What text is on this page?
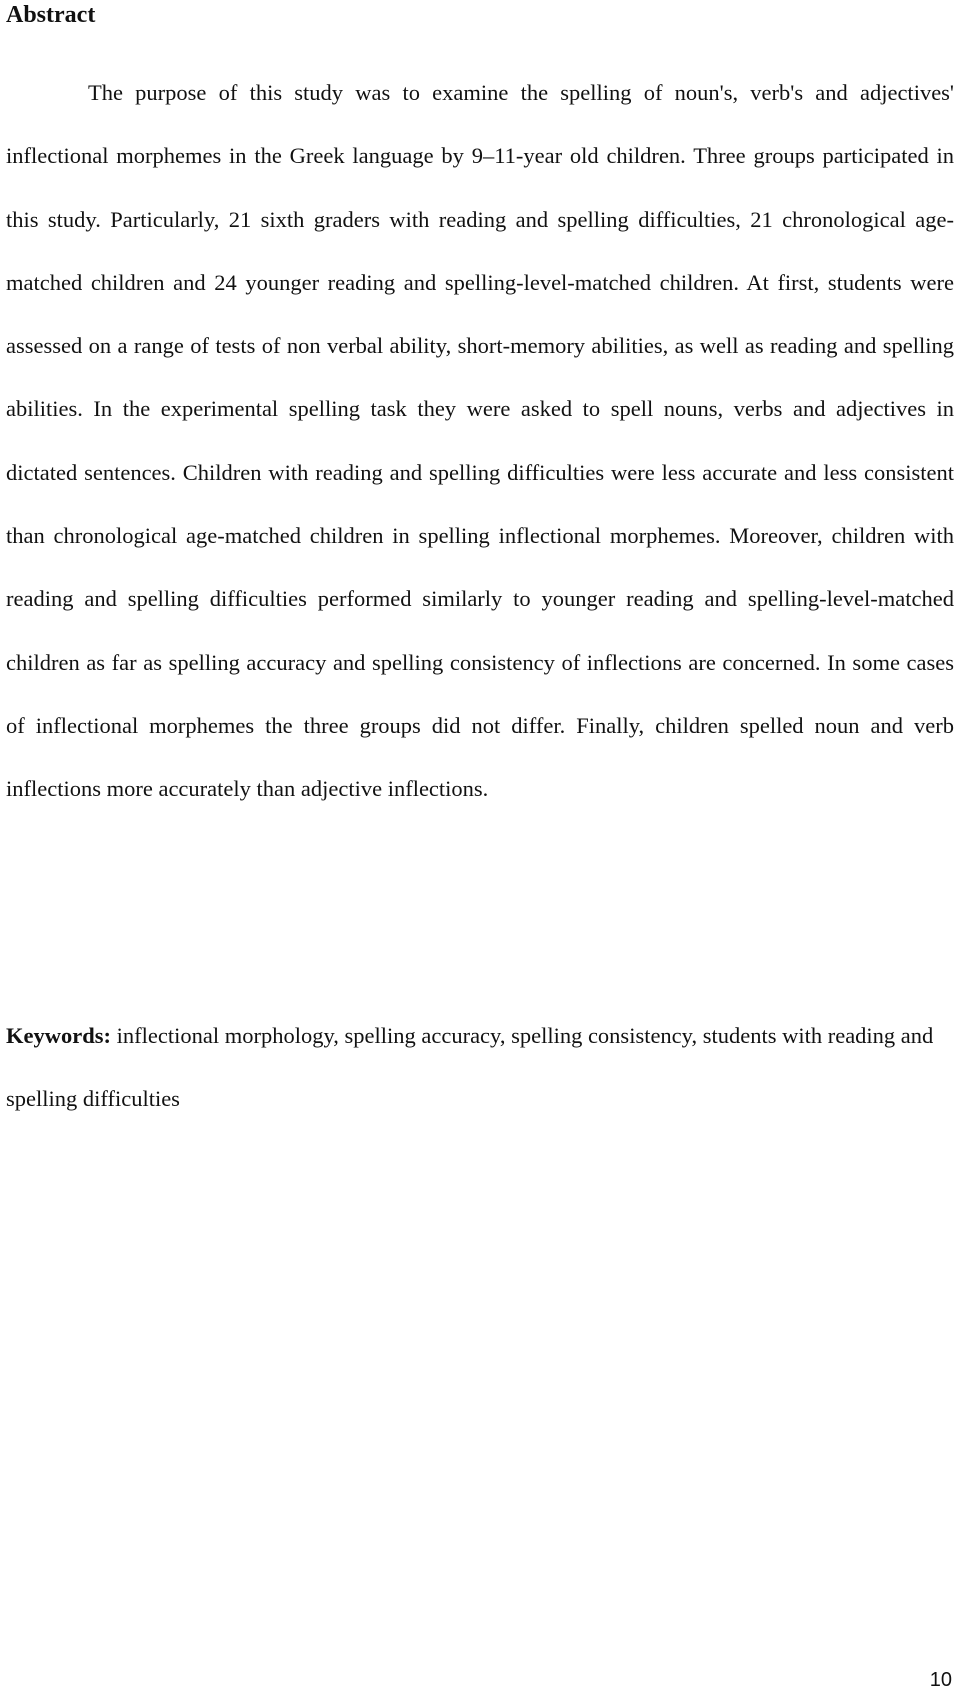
Abstract

The purpose of this study was to examine the spelling of noun's, verb's and adjectives' inflectional morphemes in the Greek language by 9–11-year old children. Three groups participated in this study. Particularly, 21 sixth graders with reading and spelling difficulties, 21 chronological age-matched children and 24 younger reading and spelling-level-matched children. At first, students were assessed on a range of tests of non verbal ability, short-memory abilities, as well as reading and spelling abilities. In the experimental spelling task they were asked to spell nouns, verbs and adjectives in dictated sentences. Children with reading and spelling difficulties were less accurate and less consistent than chronological age-matched children in spelling inflectional morphemes. Moreover, children with reading and spelling difficulties performed similarly to younger reading and spelling-level-matched children as far as spelling accuracy and spelling consistency of inflections are concerned. In some cases of inflectional morphemes the three groups did not differ. Finally, children spelled noun and verb inflections more accurately than adjective inflections.

Keywords: inflectional morphology, spelling accuracy, spelling consistency, students with reading and spelling difficulties

10
